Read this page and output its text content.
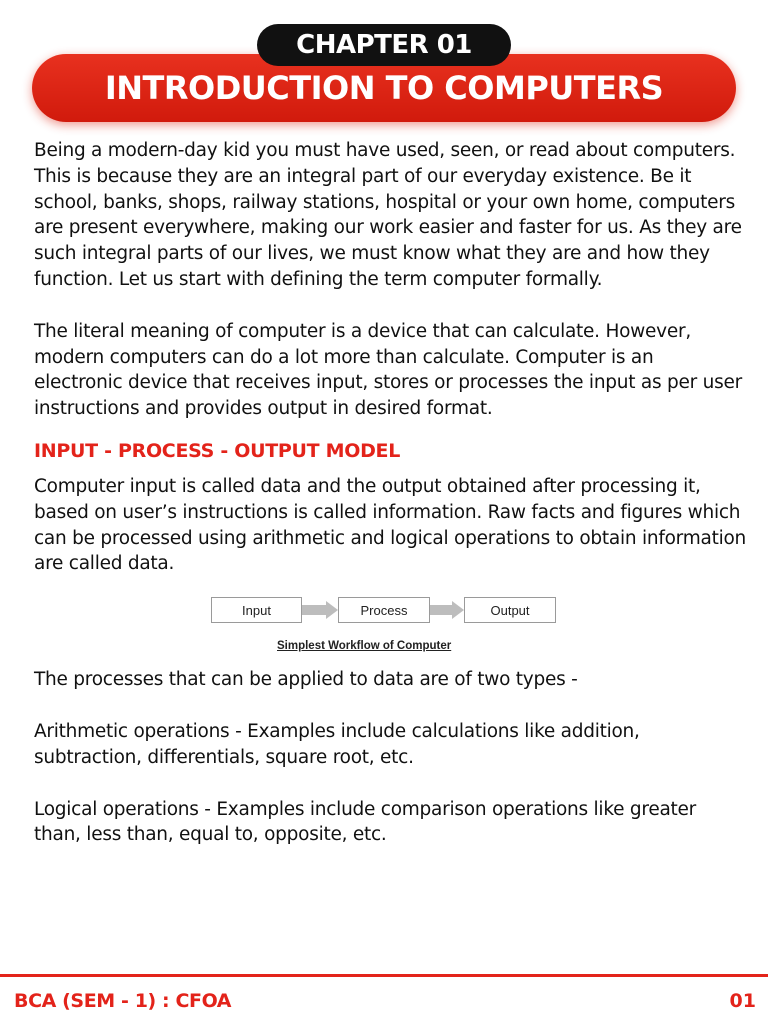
CHAPTER 01
INTRODUCTION TO COMPUTERS

Being a modern-day kid you must have used, seen, or read about computers. This is because they are an integral part of our everyday existence. Be it school, banks, shops, railway stations, hospital or your own home, computers are present everywhere, making our work easier and faster for us. As they are such integral parts of our lives, we must know what they are and how they function. Let us start with defining the term computer formally.

The literal meaning of computer is a device that can calculate. However, modern computers can do a lot more than calculate. Computer is an electronic device that receives input, stores or processes the input as per user instructions and provides output in desired format.

INPUT - PROCESS - OUTPUT MODEL

Computer input is called data and the output obtained after processing it, based on user’s instructions is called information. Raw facts and figures which can be processed using arithmetic and logical operations to obtain information are called data.

Input	Process	Output
Simplest Workflow of Computer

The processes that can be applied to data are of two types -

Arithmetic operations - Examples include calculations like addition, subtraction, differentials, square root, etc.

Logical operations - Examples include comparison operations like greater than, less than, equal to, opposite, etc.

BCA (SEM - 1) : CFOA	01
